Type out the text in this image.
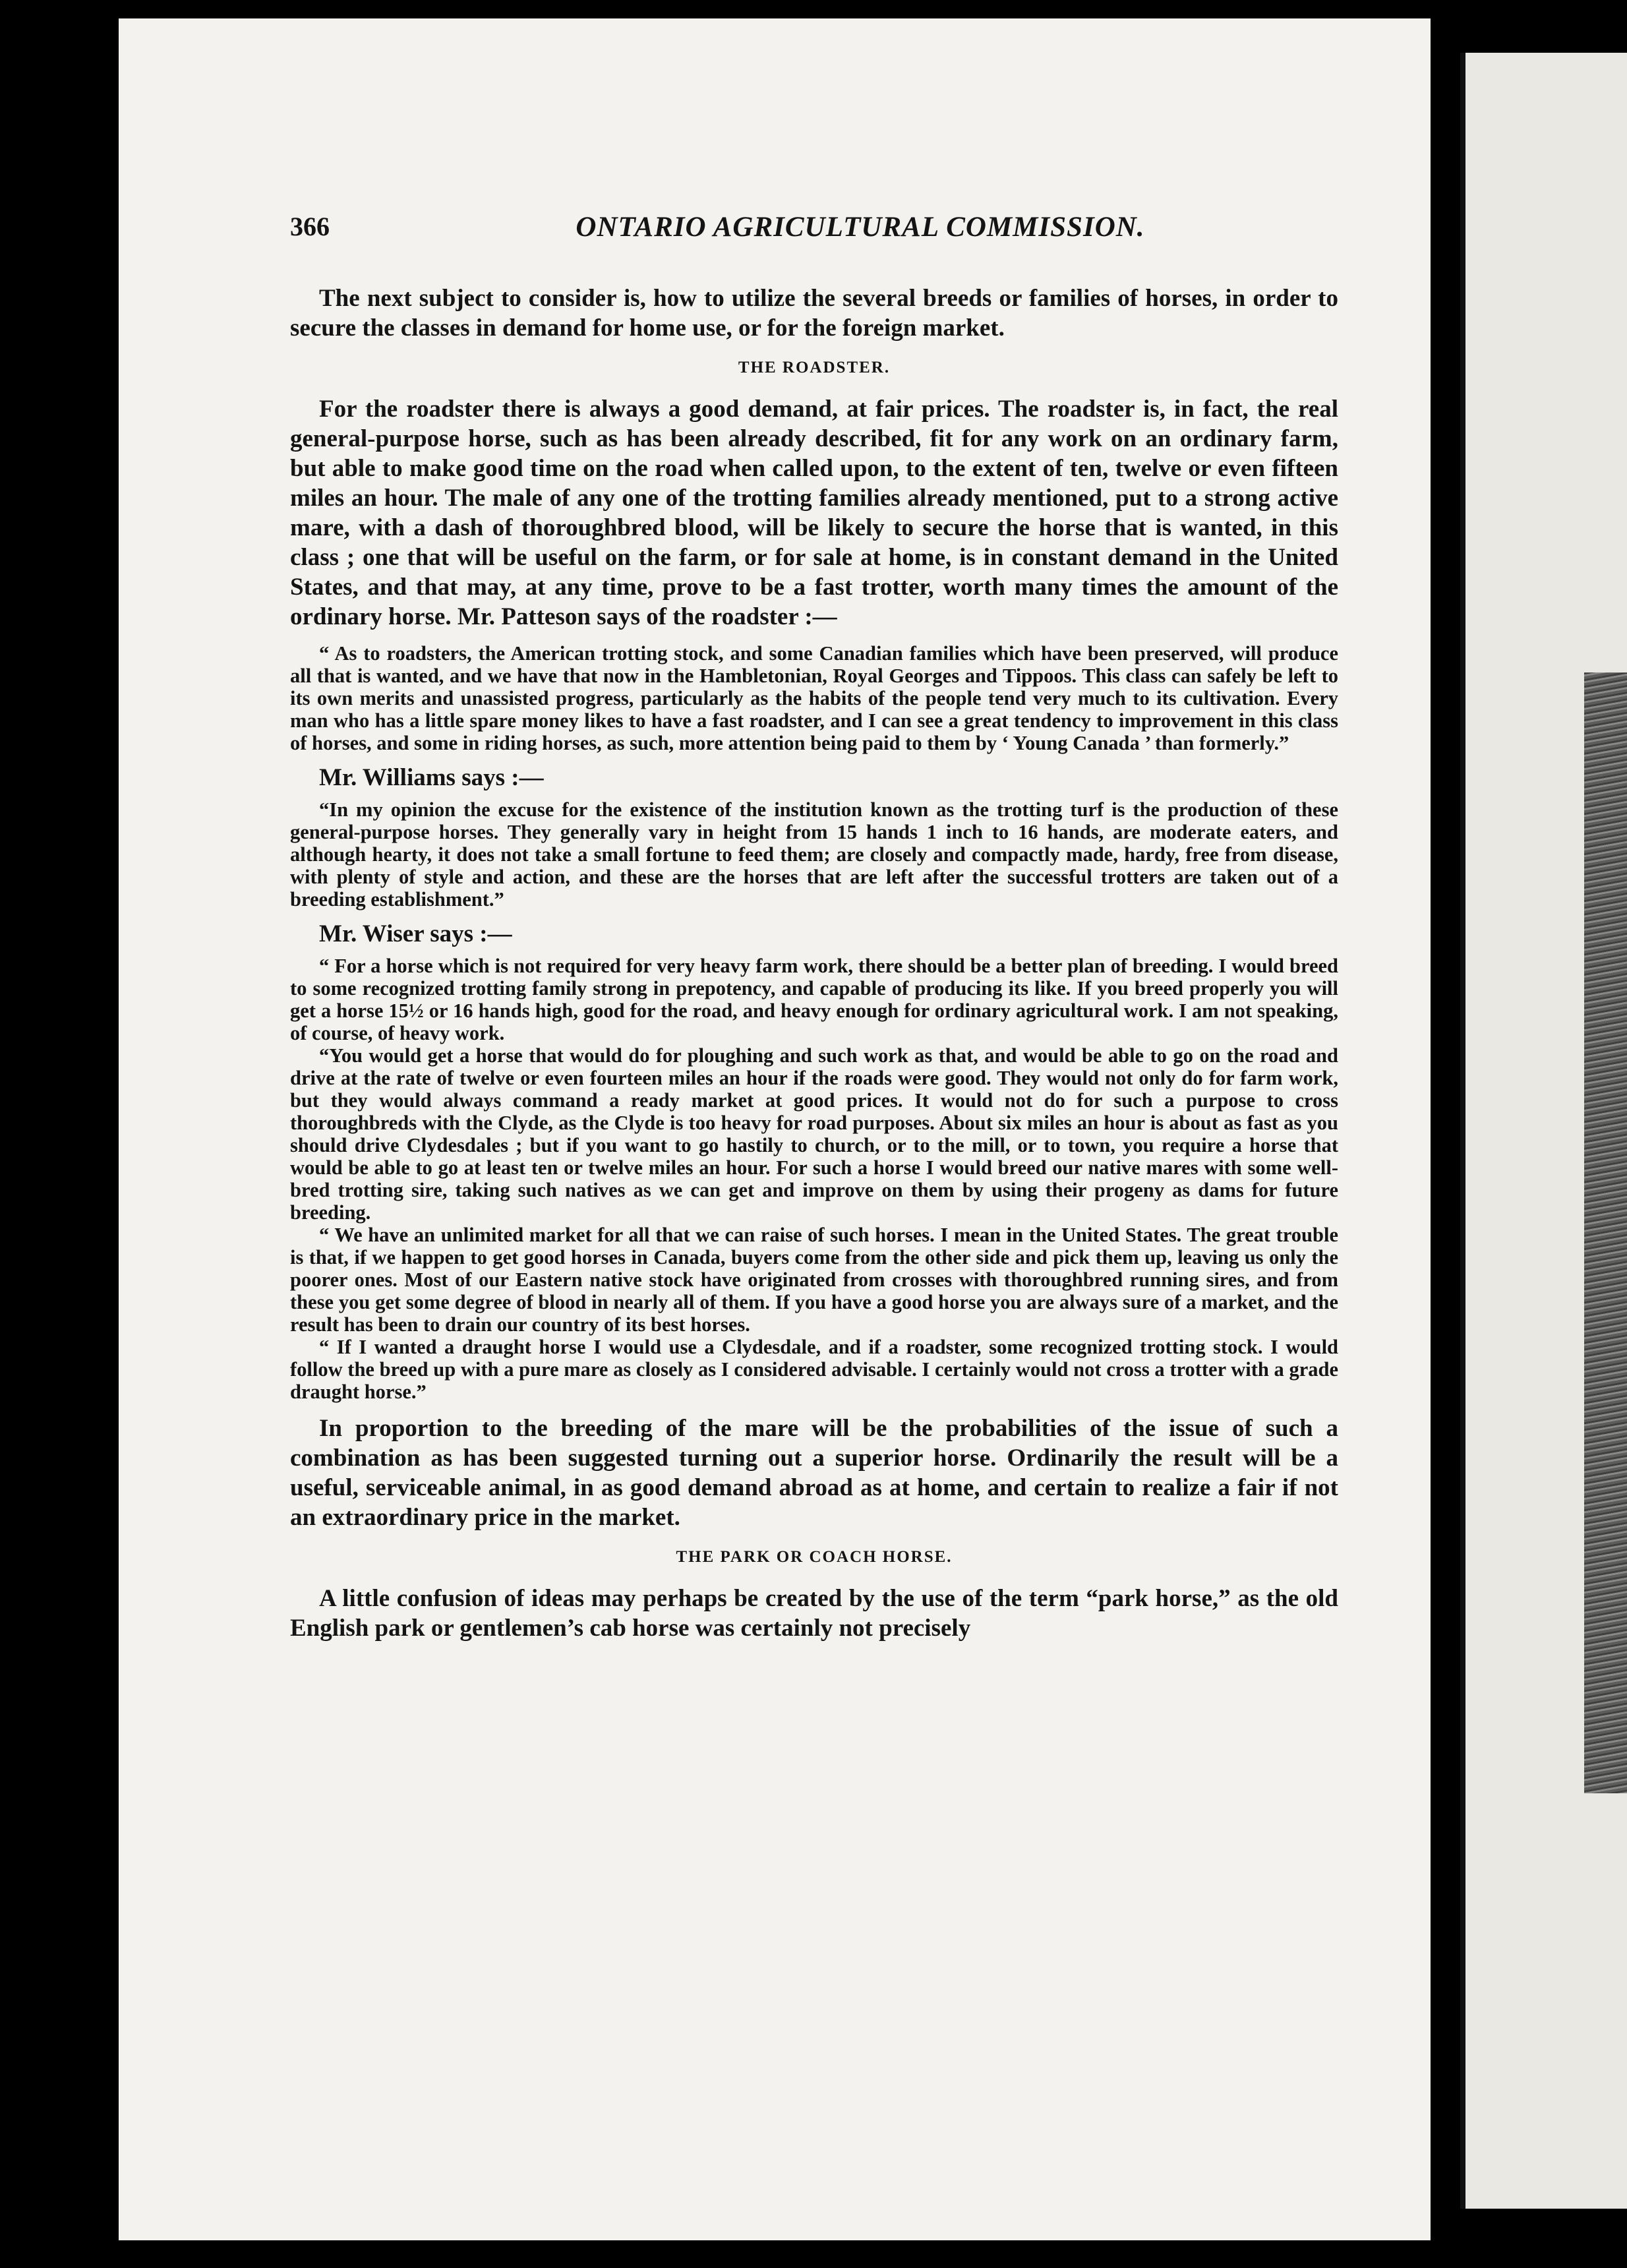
366	ONTARIO AGRICULTURAL COMMISSION.

The next subject to consider is, how to utilize the several breeds or families of horses, in order to secure the classes in demand for home use, or for the foreign market.

THE ROADSTER.

For the roadster there is always a good demand, at fair prices. The roadster is, in fact, the real general-purpose horse, such as has been already described, fit for any work on an ordinary farm, but able to make good time on the road when called upon, to the extent of ten, twelve or even fifteen miles an hour. The male of any one of the trotting families already mentioned, put to a strong active mare, with a dash of thoroughbred blood, will be likely to secure the horse that is wanted, in this class ; one that will be useful on the farm, or for sale at home, is in constant demand in the United States, and that may, at any time, prove to be a fast trotter, worth many times the amount of the ordinary horse. Mr. Patteson says of the roadster :—

“ As to roadsters, the American trotting stock, and some Canadian families which have been preserved, will produce all that is wanted, and we have that now in the Hambletonian, Royal Georges and Tippoos. This class can safely be left to its own merits and unassisted progress, particularly as the habits of the people tend very much to its cultivation. Every man who has a little spare money likes to have a fast roadster, and I can see a great tendency to improvement in this class of horses, and some in riding horses, as such, more attention being paid to them by ‘ Young Canada ’ than formerly.”

Mr. Williams says :—

“In my opinion the excuse for the existence of the institution known as the trotting turf is the production of these general-purpose horses. They generally vary in height from 15 hands 1 inch to 16 hands, are moderate eaters, and although hearty, it does not take a small fortune to feed them; are closely and compactly made, hardy, free from disease, with plenty of style and action, and these are the horses that are left after the successful trotters are taken out of a breeding establishment.”

Mr. Wiser says :—

“ For a horse which is not required for very heavy farm work, there should be a better plan of breeding. I would breed to some recognized trotting family strong in prepotency, and capable of producing its like. If you breed properly you will get a horse 15½ or 16 hands high, good for the road, and heavy enough for ordinary agricultural work. I am not speaking, of course, of heavy work.

“You would get a horse that would do for ploughing and such work as that, and would be able to go on the road and drive at the rate of twelve or even fourteen miles an hour if the roads were good. They would not only do for farm work, but they would always command a ready market at good prices. It would not do for such a purpose to cross thoroughbreds with the Clyde, as the Clyde is too heavy for road purposes. About six miles an hour is about as fast as you should drive Clydesdales ; but if you want to go hastily to church, or to the mill, or to town, you require a horse that would be able to go at least ten or twelve miles an hour. For such a horse I would breed our native mares with some well-bred trotting sire, taking such natives as we can get and improve on them by using their progeny as dams for future breeding.

“ We have an unlimited market for all that we can raise of such horses. I mean in the United States. The great trouble is that, if we happen to get good horses in Canada, buyers come from the other side and pick them up, leaving us only the poorer ones. Most of our Eastern native stock have originated from crosses with thoroughbred running sires, and from these you get some degree of blood in nearly all of them. If you have a good horse you are always sure of a market, and the result has been to drain our country of its best horses.

“ If I wanted a draught horse I would use a Clydesdale, and if a roadster, some recognized trotting stock. I would follow the breed up with a pure mare as closely as I considered advisable. I certainly would not cross a trotter with a grade draught horse.”

In proportion to the breeding of the mare will be the probabilities of the issue of such a combination as has been suggested turning out a superior horse. Ordinarily the result will be a useful, serviceable animal, in as good demand abroad as at home, and certain to realize a fair if not an extraordinary price in the market.

THE PARK OR COACH HORSE.

A little confusion of ideas may perhaps be created by the use of the term “park horse,” as the old English park or gentlemen’s cab horse was certainly not precisely
